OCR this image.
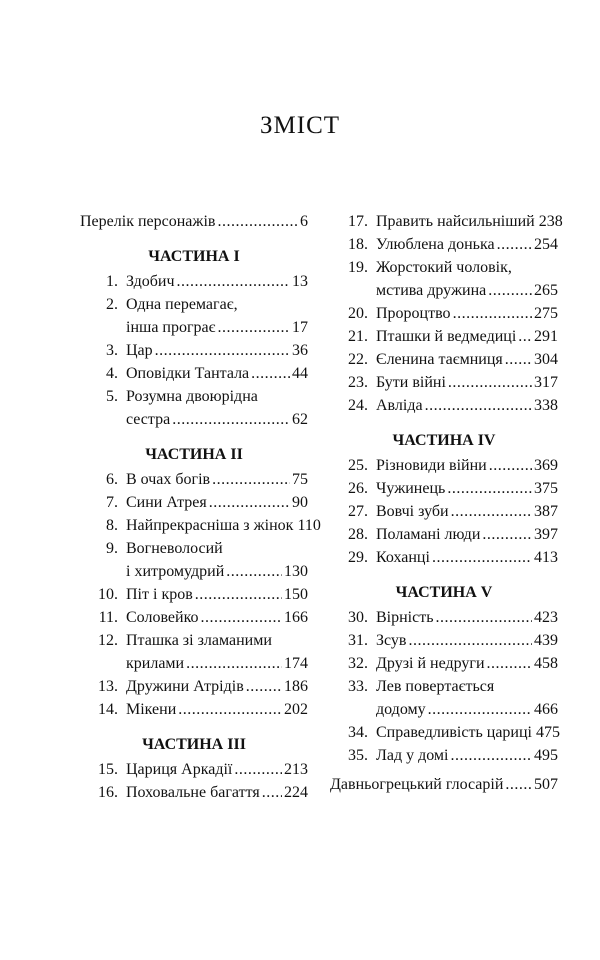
ЗМІСТ
Перелік персонажів .....	6
ЧАСТИНА І
1. Здобич .....	13
2. Одна перемагає,
інша програє .....	17
3. Цар .....	36
4. Оповідки Тантала .....	44
5. Розумна двоюрідна
сестра .....	62
ЧАСТИНА ІІ
6. В очах богів .....	75
7. Сини Атрея .....	90
8. Найпрекрасніша з жінок 110
9. Вогневолосий
і хитромудрий .....	130
10. Піт і кров .....	150
11. Соловейко .....	166
12. Пташка зі зламаними
крилами .....	174
13. Дружини Атрідів .....	186
14. Мікени .....	202
ЧАСТИНА ІІІ
15. Цариця Аркадії .....	213
16. Поховальне багаття ..... 224
17. Править найсильніший 238
18. Улюблена донька ..... 254
19. Жорстокий чоловік,
мстива дружина .....	265
20. Пророцтво .....	275
21. Пташки й ведмедиці ..... 291
22. Єленина таємниця ..... 304
23. Бути війні .....	317
24. Авліда .....	338
ЧАСТИНА IV
25. Різновиди війни .....	369
26. Чужинець .....	375
27. Вовчі зуби .....	387
28. Поламані люди .....	397
29. Коханці .....	413
ЧАСТИНА V
30. Вірність .....	423
31. Зсув .....	439
32. Друзі й недруги .....	458
33. Лев повертається
додому .....	466
34. Справедливість цариці 475
35. Лад у домі .....	495
Давньогрецький глосарій ..... 507
